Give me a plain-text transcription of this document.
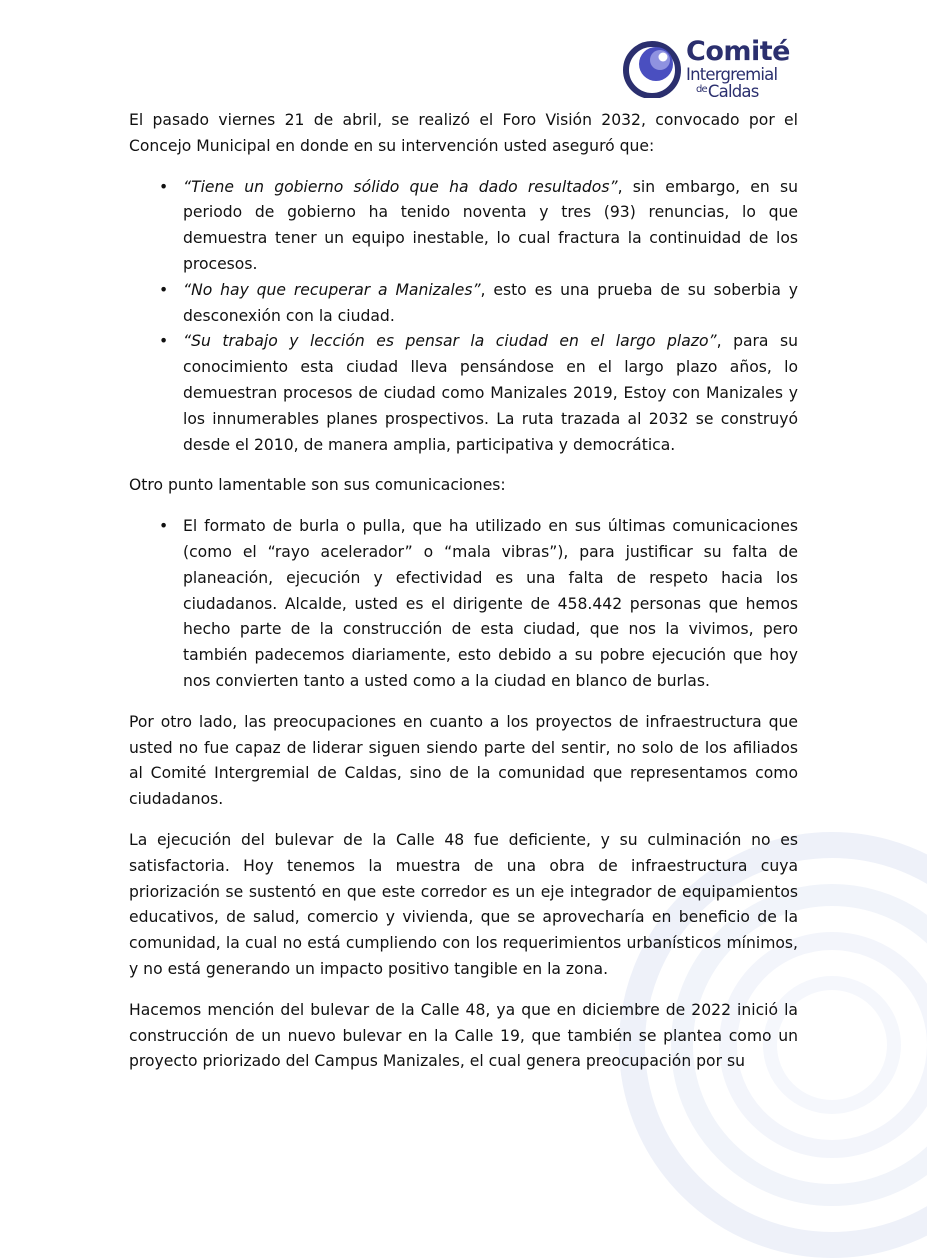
Comité
Intergremial
$^{de}$Caldas

El pasado viernes 21 de abril, se realizó el Foro Visión 2032, convocado por el Concejo Municipal en donde en su intervención usted aseguró que:

• “Tiene un gobierno sólido que ha dado resultados”, sin embargo, en su periodo de gobierno ha tenido noventa y tres (93) renuncias, lo que demuestra tener un equipo inestable, lo cual fractura la continuidad de los procesos.
• “No hay que recuperar a Manizales”, esto es una prueba de su soberbia y desconexión con la ciudad.
• “Su trabajo y lección es pensar la ciudad en el largo plazo”, para su conocimiento esta ciudad lleva pensándose en el largo plazo años, lo demuestran procesos de ciudad como Manizales 2019, Estoy con Manizales y los innumerables planes prospectivos. La ruta trazada al 2032 se construyó desde el 2010, de manera amplia, participativa y democrática.

Otro punto lamentable son sus comunicaciones:

• El formato de burla o pulla, que ha utilizado en sus últimas comunicaciones (como el “rayo acelerador” o “mala vibras”), para justificar su falta de planeación, ejecución y efectividad es una falta de respeto hacia los ciudadanos. Alcalde, usted es el dirigente de 458.442 personas que hemos hecho parte de la construcción de esta ciudad, que nos la vivimos, pero también padecemos diariamente, esto debido a su pobre ejecución que hoy nos convierten tanto a usted como a la ciudad en blanco de burlas.

Por otro lado, las preocupaciones en cuanto a los proyectos de infraestructura que usted no fue capaz de liderar siguen siendo parte del sentir, no solo de los afiliados al Comité Intergremial de Caldas, sino de la comunidad que representamos como ciudadanos.

La ejecución del bulevar de la Calle 48 fue deficiente, y su culminación no es satisfactoria. Hoy tenemos la muestra de una obra de infraestructura cuya priorización se sustentó en que este corredor es un eje integrador de equipamientos educativos, de salud, comercio y vivienda, que se aprovecharía en beneficio de la comunidad, la cual no está cumpliendo con los requerimientos urbanísticos mínimos, y no está generando un impacto positivo tangible en la zona.

Hacemos mención del bulevar de la Calle 48, ya que en diciembre de 2022 inició la construcción de un nuevo bulevar en la Calle 19, que también se plantea como un proyecto priorizado del Campus Manizales, el cual genera preocupación por su
